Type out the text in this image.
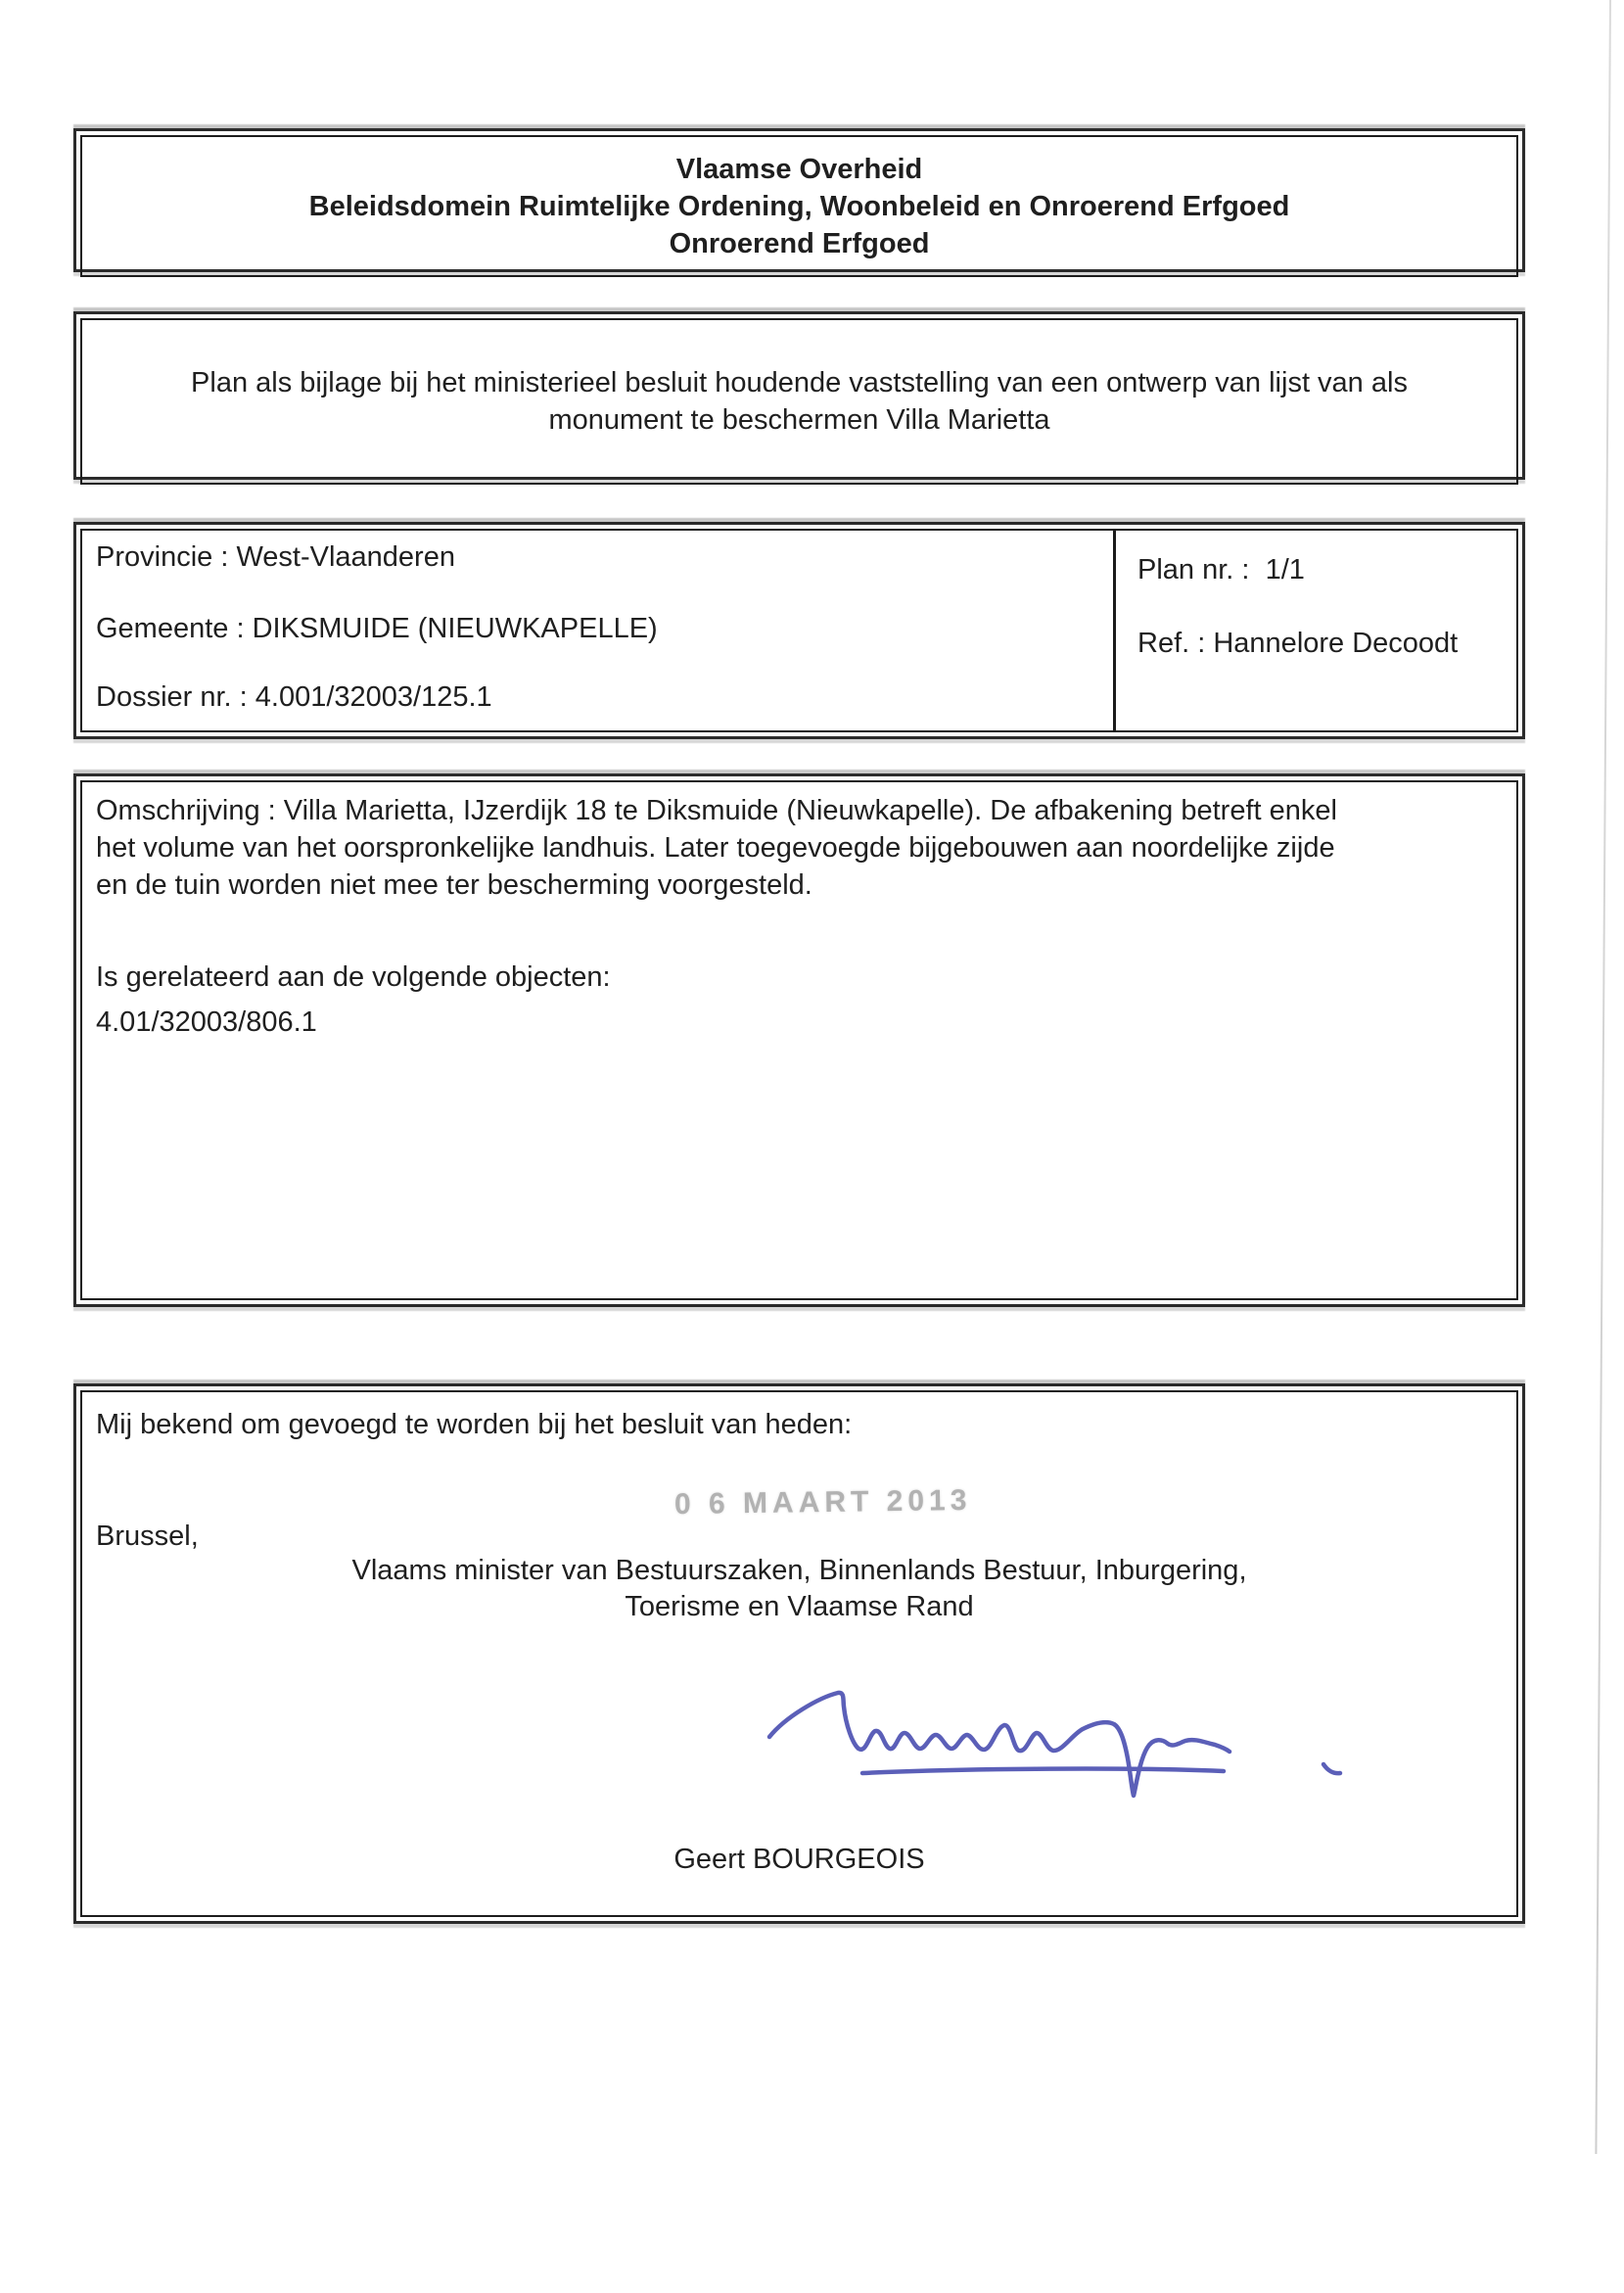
Vlaamse Overheid
Beleidsdomein Ruimtelijke Ordening, Woonbeleid en Onroerend Erfgoed
Onroerend Erfgoed
Plan als bijlage bij het ministerieel besluit houdende vaststelling van een ontwerp van lijst van als
monument te beschermen Villa Marietta
Provincie : West-Vlaanderen
Gemeente : DIKSMUIDE (NIEUWKAPELLE)
Dossier nr. : 4.001/32003/125.1
Plan nr. :  1/1
Ref. : Hannelore Decoodt
Omschrijving : Villa Marietta, IJzerdijk 18 te Diksmuide (Nieuwkapelle). De afbakening betreft enkel
het volume van het oorspronkelijke landhuis. Later toegevoegde bijgebouwen aan noordelijke zijde
en de tuin worden niet mee ter bescherming voorgesteld.
Is gerelateerd aan de volgende objecten:
4.01/32003/806.1
Mij bekend om gevoegd te worden bij het besluit van heden:
0 6 MAART 2013
Brussel,
Vlaams minister van Bestuurszaken, Binnenlands Bestuur, Inburgering,
Toerisme en Vlaamse Rand
Geert BOURGEOIS
